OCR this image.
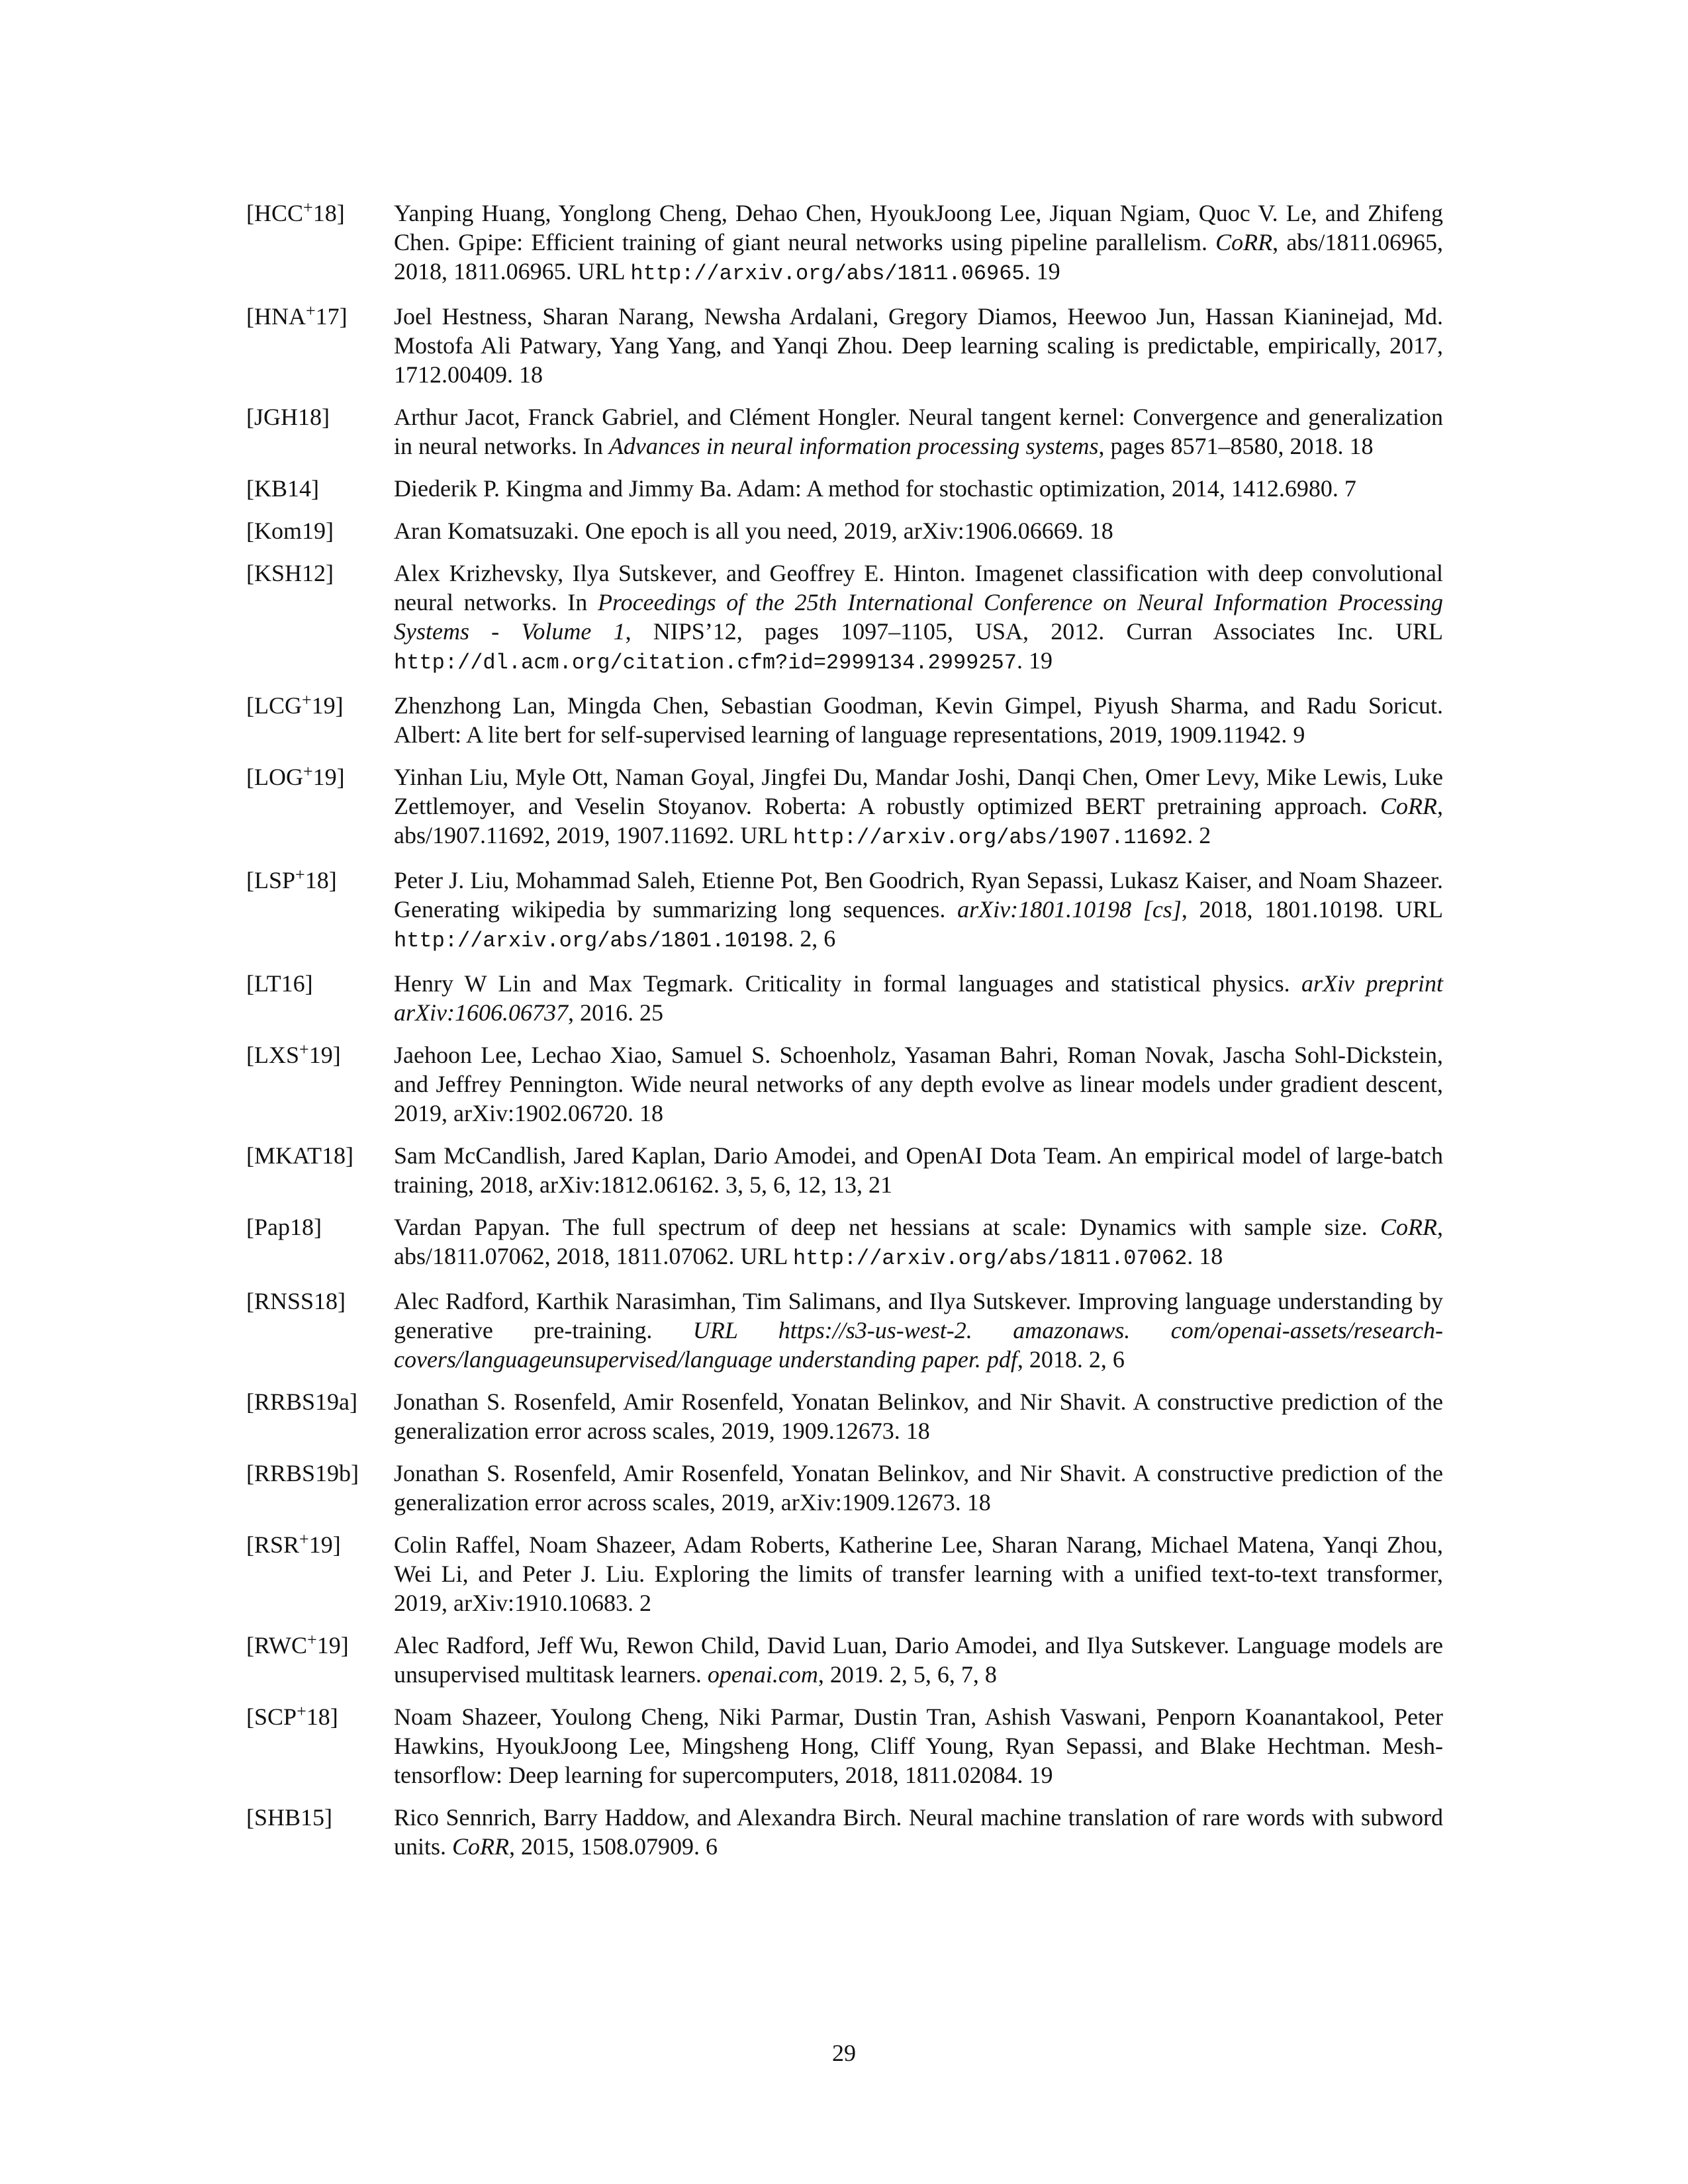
[HCC+18]	Yanping Huang, Yonglong Cheng, Dehao Chen, HyoukJoong Lee, Jiquan Ngiam, Quoc V. Le, and Zhifeng Chen. Gpipe: Efficient training of giant neural networks using pipeline parallelism. CoRR, abs/1811.06965, 2018, 1811.06965. URL http://arxiv.org/abs/1811.06965. 19
[HNA+17]	Joel Hestness, Sharan Narang, Newsha Ardalani, Gregory Diamos, Heewoo Jun, Hassan Kianinejad, Md. Mostofa Ali Patwary, Yang Yang, and Yanqi Zhou. Deep learning scaling is predictable, empirically, 2017, 1712.00409. 18
[JGH18]	Arthur Jacot, Franck Gabriel, and Clément Hongler. Neural tangent kernel: Convergence and generalization in neural networks. In Advances in neural information processing systems, pages 8571–8580, 2018. 18
[KB14]	Diederik P. Kingma and Jimmy Ba. Adam: A method for stochastic optimization, 2014, 1412.6980. 7
[Kom19]	Aran Komatsuzaki. One epoch is all you need, 2019, arXiv:1906.06669. 18
[KSH12]	Alex Krizhevsky, Ilya Sutskever, and Geoffrey E. Hinton. Imagenet classification with deep convolutional neural networks. In Proceedings of the 25th International Conference on Neural Information Processing Systems - Volume 1, NIPS’12, pages 1097–1105, USA, 2012. Curran Associates Inc. URL http://dl.acm.org/citation.cfm?id=2999134.2999257. 19
[LCG+19]	Zhenzhong Lan, Mingda Chen, Sebastian Goodman, Kevin Gimpel, Piyush Sharma, and Radu Soricut. Albert: A lite bert for self-supervised learning of language representations, 2019, 1909.11942. 9
[LOG+19]	Yinhan Liu, Myle Ott, Naman Goyal, Jingfei Du, Mandar Joshi, Danqi Chen, Omer Levy, Mike Lewis, Luke Zettlemoyer, and Veselin Stoyanov. Roberta: A robustly optimized BERT pretraining approach. CoRR, abs/1907.11692, 2019, 1907.11692. URL http://arxiv.org/abs/1907.11692. 2
[LSP+18]	Peter J. Liu, Mohammad Saleh, Etienne Pot, Ben Goodrich, Ryan Sepassi, Lukasz Kaiser, and Noam Shazeer. Generating wikipedia by summarizing long sequences. arXiv:1801.10198 [cs], 2018, 1801.10198. URL http://arxiv.org/abs/1801.10198. 2, 6
[LT16]	Henry W Lin and Max Tegmark. Criticality in formal languages and statistical physics. arXiv preprint arXiv:1606.06737, 2016. 25
[LXS+19]	Jaehoon Lee, Lechao Xiao, Samuel S. Schoenholz, Yasaman Bahri, Roman Novak, Jascha Sohl-Dickstein, and Jeffrey Pennington. Wide neural networks of any depth evolve as linear models under gradient descent, 2019, arXiv:1902.06720. 18
[MKAT18]	Sam McCandlish, Jared Kaplan, Dario Amodei, and OpenAI Dota Team. An empirical model of large-batch training, 2018, arXiv:1812.06162. 3, 5, 6, 12, 13, 21
[Pap18]	Vardan Papyan. The full spectrum of deep net hessians at scale: Dynamics with sample size. CoRR, abs/1811.07062, 2018, 1811.07062. URL http://arxiv.org/abs/1811.07062. 18
[RNSS18]	Alec Radford, Karthik Narasimhan, Tim Salimans, and Ilya Sutskever. Improving language understanding by generative pre-training. URL https://s3-us-west-2. amazonaws. com/openai-assets/research-covers/languageunsupervised/language understanding paper. pdf, 2018. 2, 6
[RRBS19a]	Jonathan S. Rosenfeld, Amir Rosenfeld, Yonatan Belinkov, and Nir Shavit. A constructive prediction of the generalization error across scales, 2019, 1909.12673. 18
[RRBS19b]	Jonathan S. Rosenfeld, Amir Rosenfeld, Yonatan Belinkov, and Nir Shavit. A constructive prediction of the generalization error across scales, 2019, arXiv:1909.12673. 18
[RSR+19]	Colin Raffel, Noam Shazeer, Adam Roberts, Katherine Lee, Sharan Narang, Michael Matena, Yanqi Zhou, Wei Li, and Peter J. Liu. Exploring the limits of transfer learning with a unified text-to-text transformer, 2019, arXiv:1910.10683. 2
[RWC+19]	Alec Radford, Jeff Wu, Rewon Child, David Luan, Dario Amodei, and Ilya Sutskever. Language models are unsupervised multitask learners. openai.com, 2019. 2, 5, 6, 7, 8
[SCP+18]	Noam Shazeer, Youlong Cheng, Niki Parmar, Dustin Tran, Ashish Vaswani, Penporn Koanantakool, Peter Hawkins, HyoukJoong Lee, Mingsheng Hong, Cliff Young, Ryan Sepassi, and Blake Hechtman. Mesh-tensorflow: Deep learning for supercomputers, 2018, 1811.02084. 19
[SHB15]	Rico Sennrich, Barry Haddow, and Alexandra Birch. Neural machine translation of rare words with subword units. CoRR, 2015, 1508.07909. 6
29
